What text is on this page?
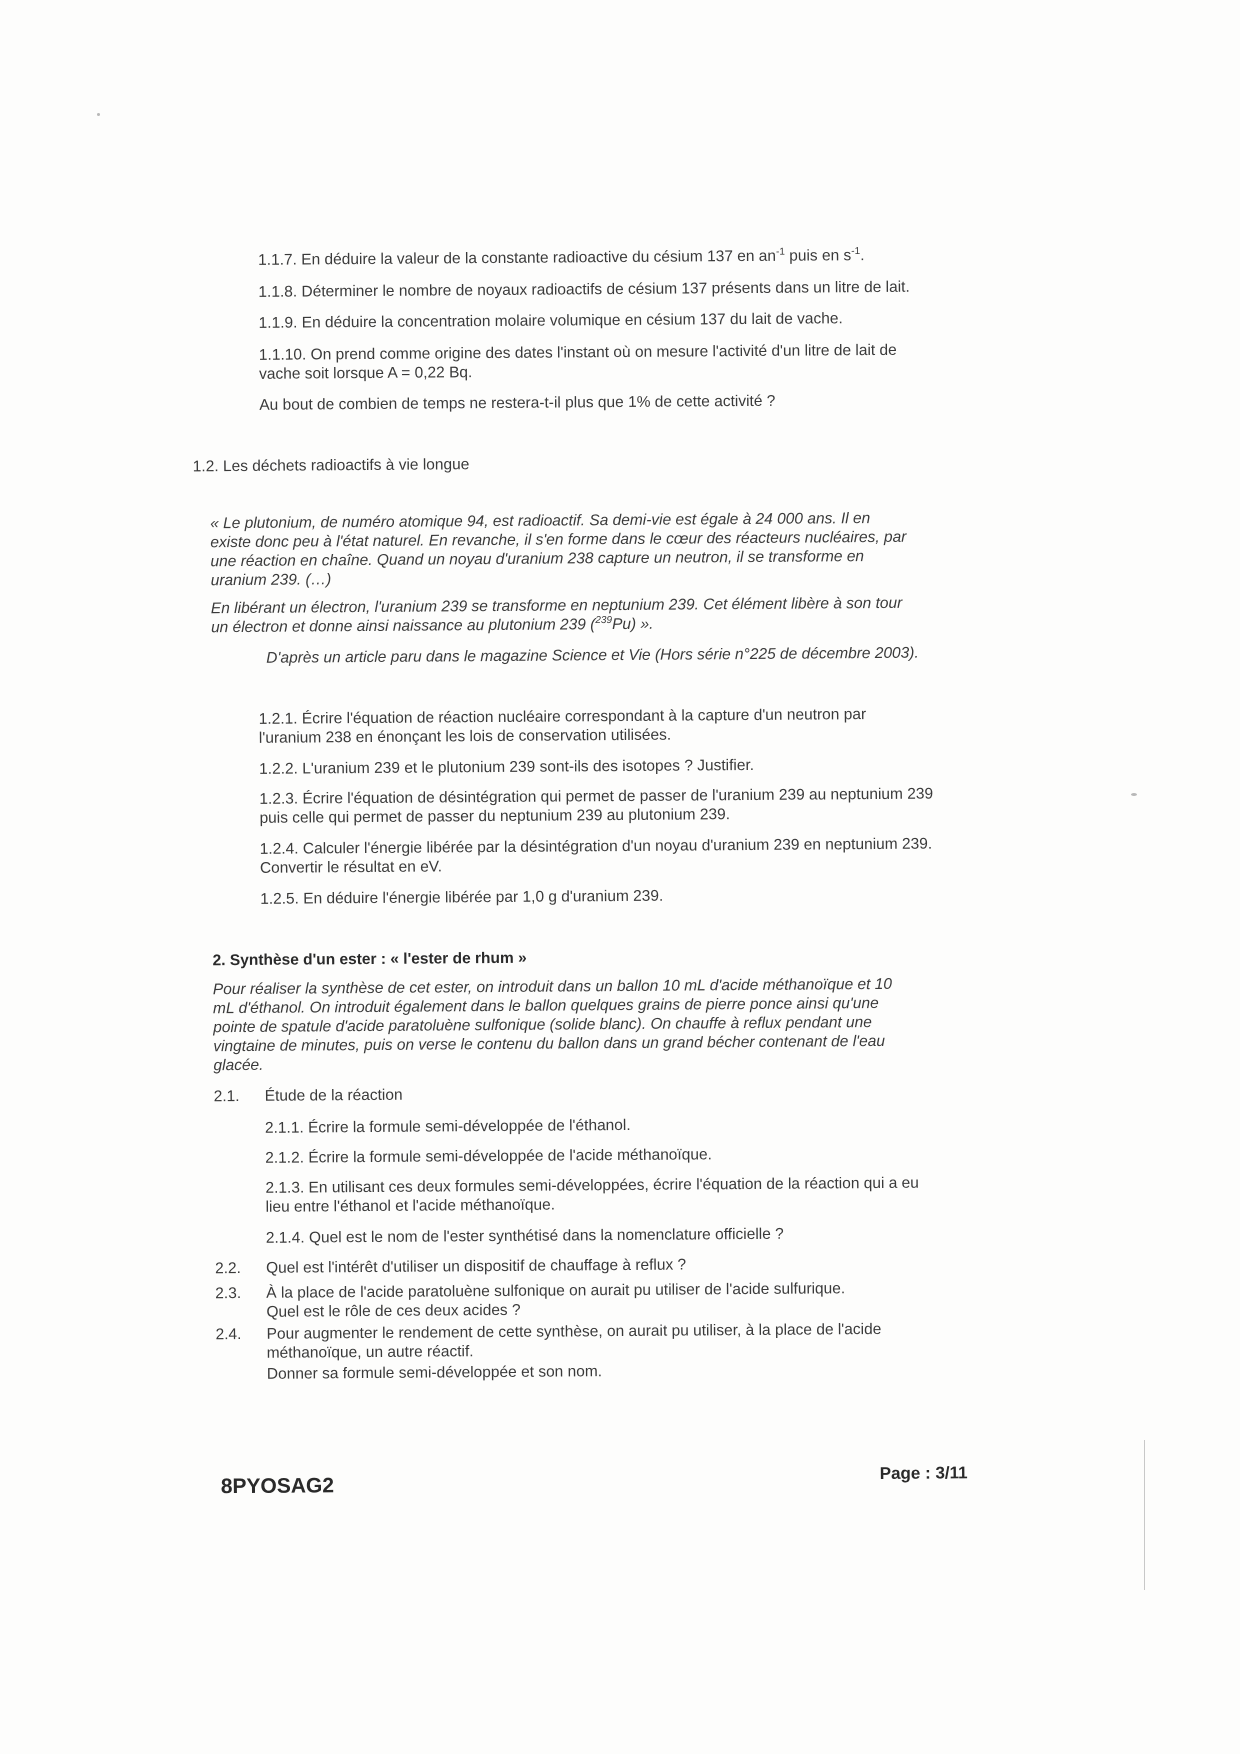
1.1.7. En déduire la valeur de la constante radioactive du césium 137 en $an^{-1}$ puis en $s^{-1}$.
1.1.8. Déterminer le nombre de noyaux radioactifs de césium 137 présents dans un litre de lait.
1.1.9. En déduire la concentration molaire volumique en césium 137 du lait de vache.
1.1.10. On prend comme origine des dates l'instant où on mesure l'activité d'un litre de lait de
vache soit lorsque A = 0,22 Bq.
Au bout de combien de temps ne restera-t-il plus que 1% de cette activité ?
1.2. Les déchets radioactifs à vie longue
« Le plutonium, de numéro atomique 94, est radioactif. Sa demi-vie est égale à 24 000 ans. Il en
existe donc peu à l'état naturel. En revanche, il s'en forme dans le cœur des réacteurs nucléaires, par
une réaction en chaîne. Quand un noyau d'uranium 238 capture un neutron, il se transforme en
uranium 239. (…)
En libérant un électron, l'uranium 239 se transforme en neptunium 239. Cet élément libère à son tour
un électron et donne ainsi naissance au plutonium 239 ($^{239}$Pu) ».
D'après un article paru dans le magazine Science et Vie (Hors série n°225 de décembre 2003).
1.2.1. Écrire l'équation de réaction nucléaire correspondant à la capture d'un neutron par
l'uranium 238 en énonçant les lois de conservation utilisées.
1.2.2. L'uranium 239 et le plutonium 239 sont-ils des isotopes ? Justifier.
1.2.3. Écrire l'équation de désintégration qui permet de passer de l'uranium 239 au neptunium 239
puis celle qui permet de passer du neptunium 239 au plutonium 239.
1.2.4. Calculer l'énergie libérée par la désintégration d'un noyau d'uranium 239 en neptunium 239.
Convertir le résultat en eV.
1.2.5. En déduire l'énergie libérée par 1,0 g d'uranium 239.
2. Synthèse d'un ester : « l'ester de rhum »
Pour réaliser la synthèse de cet ester, on introduit dans un ballon 10 mL d'acide méthanoïque et 10
mL d'éthanol. On introduit également dans le ballon quelques grains de pierre ponce ainsi qu'une
pointe de spatule d'acide paratoluène sulfonique (solide blanc). On chauffe à reflux pendant une
vingtaine de minutes, puis on verse le contenu du ballon dans un grand bécher contenant de l'eau
glacée.
2.1. Étude de la réaction
2.1.1. Écrire la formule semi-développée de l'éthanol.
2.1.2. Écrire la formule semi-développée de l'acide méthanoïque.
2.1.3. En utilisant ces deux formules semi-développées, écrire l'équation de la réaction qui a eu
lieu entre l'éthanol et l'acide méthanoïque.
2.1.4. Quel est le nom de l'ester synthétisé dans la nomenclature officielle ?
2.2. Quel est l'intérêt d'utiliser un dispositif de chauffage à reflux ?
2.3. À la place de l'acide paratoluène sulfonique on aurait pu utiliser de l'acide sulfurique.
Quel est le rôle de ces deux acides ?
2.4. Pour augmenter le rendement de cette synthèse, on aurait pu utiliser, à la place de l'acide
méthanoïque, un autre réactif.
Donner sa formule semi-développée et son nom.
8PYOSAG2
Page : 3/11
